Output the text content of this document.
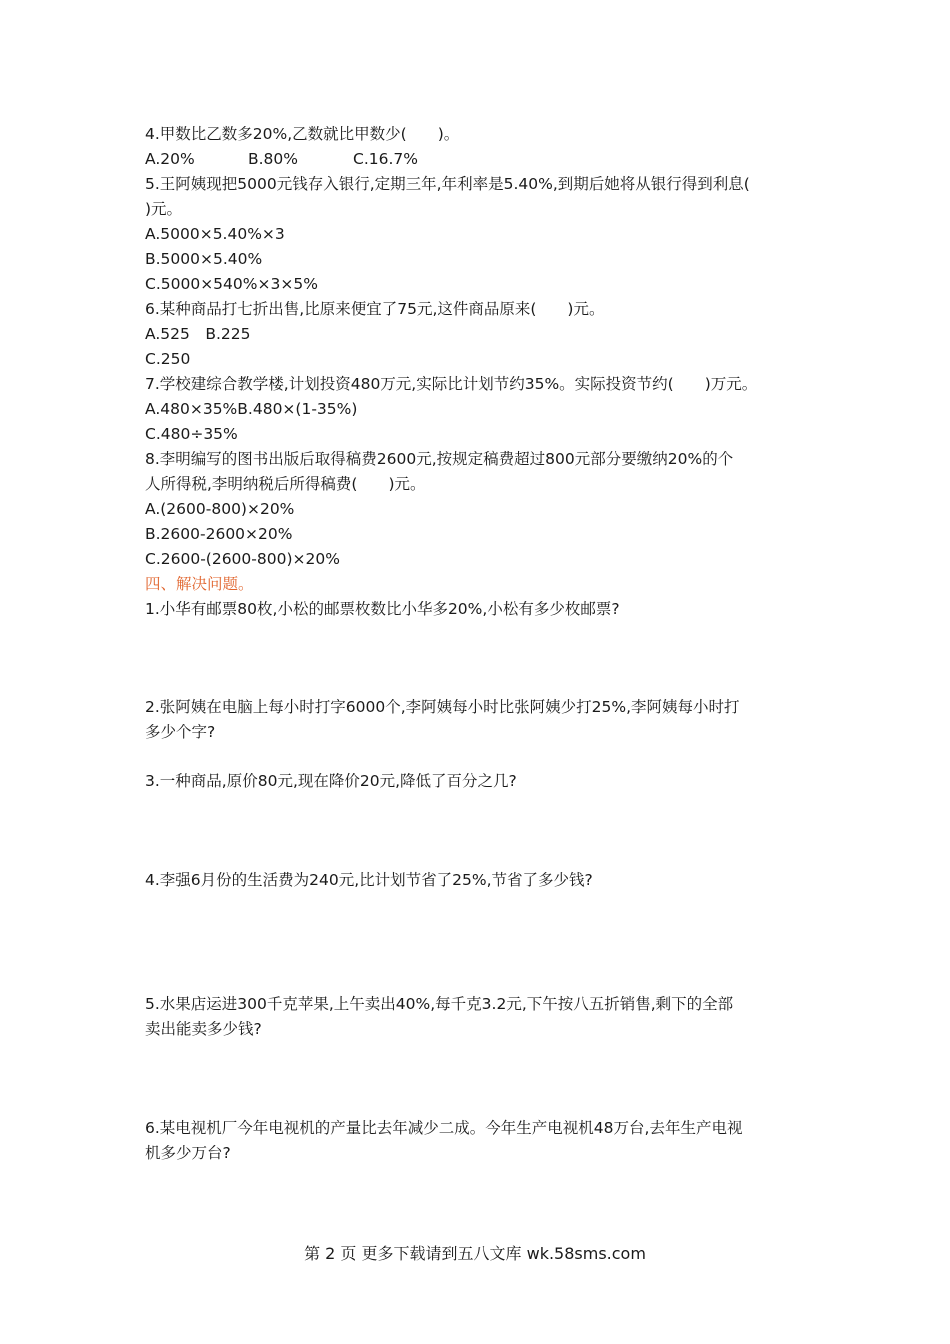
4.甲数比乙数多20%,乙数就比甲数少(　　)。

A.20%	B.80%	C.16.7%

5.王阿姨现把5000元钱存入银行,定期三年,年利率是5.40%,到期后她将从银行得到利息(

)元。

A.5000×5.40%×3

B.5000×5.40%

C.5000×540%×3×5%

6.某种商品打七折出售,比原来便宜了75元,这件商品原来(　　)元。

A.525　B.225

C.250

7.学校建综合教学楼,计划投资480万元,实际比计划节约35%。实际投资节约(　　)万元。

A.480×35%B.480×(1-35%)

C.480÷35%

8.李明编写的图书出版后取得稿费2600元,按规定稿费超过800元部分要缴纳20%的个

人所得税,李明纳税后所得稿费(　　)元。

A.(2600-800)×20%

B.2600-2600×20%

C.2600-(2600-800)×20%

四、解决问题。

1.小华有邮票80枚,小松的邮票枚数比小华多20%,小松有多少枚邮票?

2.张阿姨在电脑上每小时打字6000个,李阿姨每小时比张阿姨少打25%,李阿姨每小时打

多少个字?

3.一种商品,原价80元,现在降价20元,降低了百分之几?

4.李强6月份的生活费为240元,比计划节省了25%,节省了多少钱?

5.水果店运进300千克苹果,上午卖出40%,每千克3.2元,下午按八五折销售,剩下的全部

卖出能卖多少钱?

6.某电视机厂今年电视机的产量比去年减少二成。今年生产电视机48万台,去年生产电视

机多少万台?

第 2 页 更多下载请到五八文库 wk.58sms.com
